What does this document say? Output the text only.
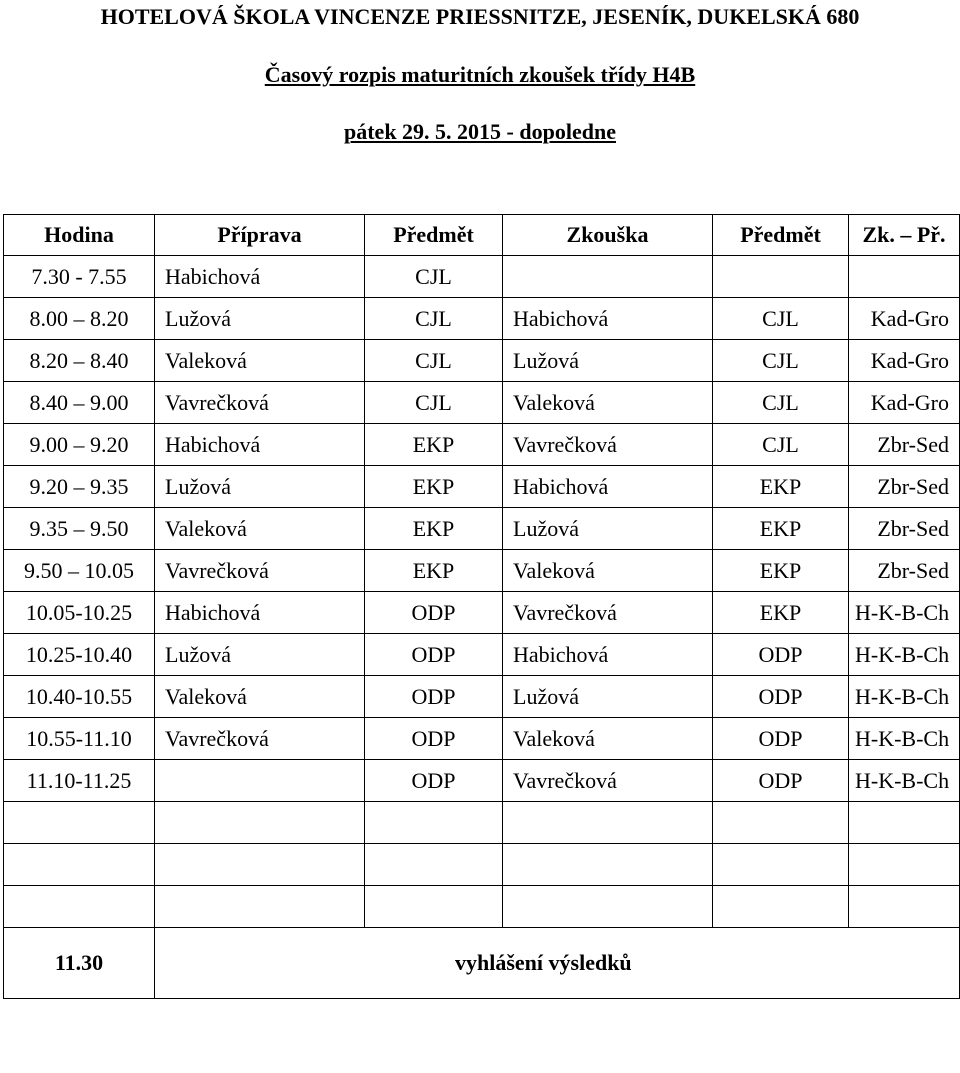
HOTELOVÁ ŠKOLA VINCENZE PRIESSNITZE, JESENÍK, DUKELSKÁ 680
Časový rozpis maturitních zkoušek třídy H4B
pátek 29. 5. 2015 - dopoledne
Hodina	Příprava	Předmět	Zkouška	Předmět	Zk. – Př.
7.30 - 7.55	Habichová	CJL			
8.00 – 8.20	Lužová	CJL	Habichová	CJL	Kad-Gro
8.20 – 8.40	Valeková	CJL	Lužová	CJL	Kad-Gro
8.40 – 9.00	Vavrečková	CJL	Valeková	CJL	Kad-Gro
9.00 – 9.20	Habichová	EKP	Vavrečková	CJL	Zbr-Sed
9.20 – 9.35	Lužová	EKP	Habichová	EKP	Zbr-Sed
9.35 – 9.50	Valeková	EKP	Lužová	EKP	Zbr-Sed
9.50 – 10.05	Vavrečková	EKP	Valeková	EKP	Zbr-Sed
10.05-10.25	Habichová	ODP	Vavrečková	EKP	H-K-B-Ch
10.25-10.40	Lužová	ODP	Habichová	ODP	H-K-B-Ch
10.40-10.55	Valeková	ODP	Lužová	ODP	H-K-B-Ch
10.55-11.10	Vavrečková	ODP	Valeková	ODP	H-K-B-Ch
11.10-11.25		ODP	Vavrečková	ODP	H-K-B-Ch

11.30	vyhlášení výsledků				
